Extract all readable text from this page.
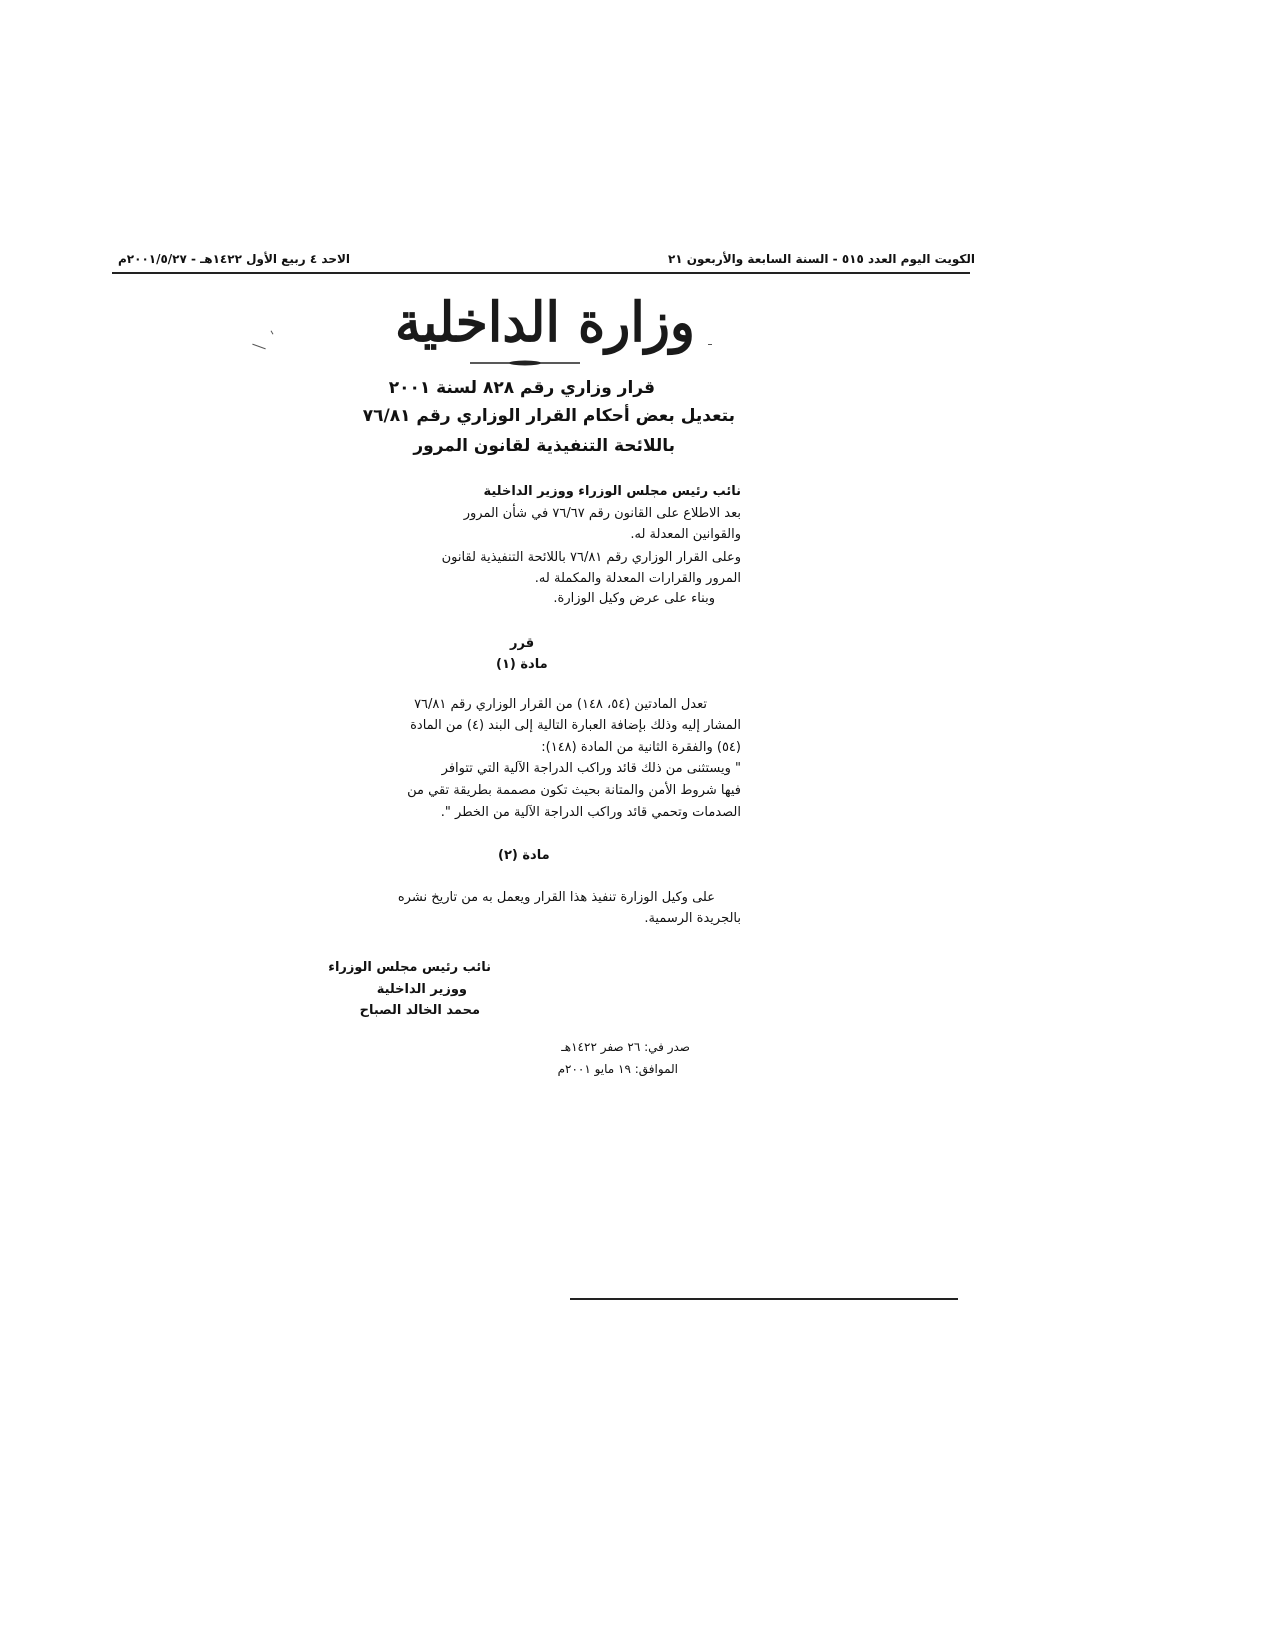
الكويت اليوم العدد ٥١٥ - السنة السابعة والأربعون ٢١
الاحد ٤ ربيع الأول ١٤٢٢هـ - ٢٠٠١/٥/٢٧م
وزارة الداخلية
قرار وزاري رقم ٨٢٨ لسنة ٢٠٠١
بتعديل بعض أحكام القرار الوزاري رقم ٧٦/٨١
باللائحة التنفيذية لقانون المرور
نائب رئيس مجلس الوزراء ووزير الداخلية
بعد الاطلاع على القانون رقم ٧٦/٦٧ في شأن المرور
والقوانين المعدلة له.
وعلى القرار الوزاري رقم ٧٦/٨١ باللائحة التنفيذية لقانون
المرور والقرارات المعدلة والمكملة له.
وبناء على عرض وكيل الوزارة.
قرر
مادة (١)
تعدل المادتين (٥٤، ١٤٨) من القرار الوزاري رقم ٧٦/٨١
المشار إليه وذلك بإضافة العبارة التالية إلى البند (٤) من المادة
(٥٤) والفقرة الثانية من المادة (١٤٨):
" ويستثنى من ذلك قائد وراكب الدراجة الآلية التي تتوافر
فيها شروط الأمن والمتانة بحيث تكون مصممة بطريقة تقي من
الصدمات وتحمي قائد وراكب الدراجة الآلية من الخطر ".
مادة (٢)
على وكيل الوزارة تنفيذ هذا القرار ويعمل به من تاريخ نشره
بالجريدة الرسمية.
نائب رئيس مجلس الوزراء
ووزير الداخلية
محمد الخالد الصباح
صدر في: ٢٦ صفر ١٤٢٢هـ
الموافق: ١٩ مايو ٢٠٠١م
